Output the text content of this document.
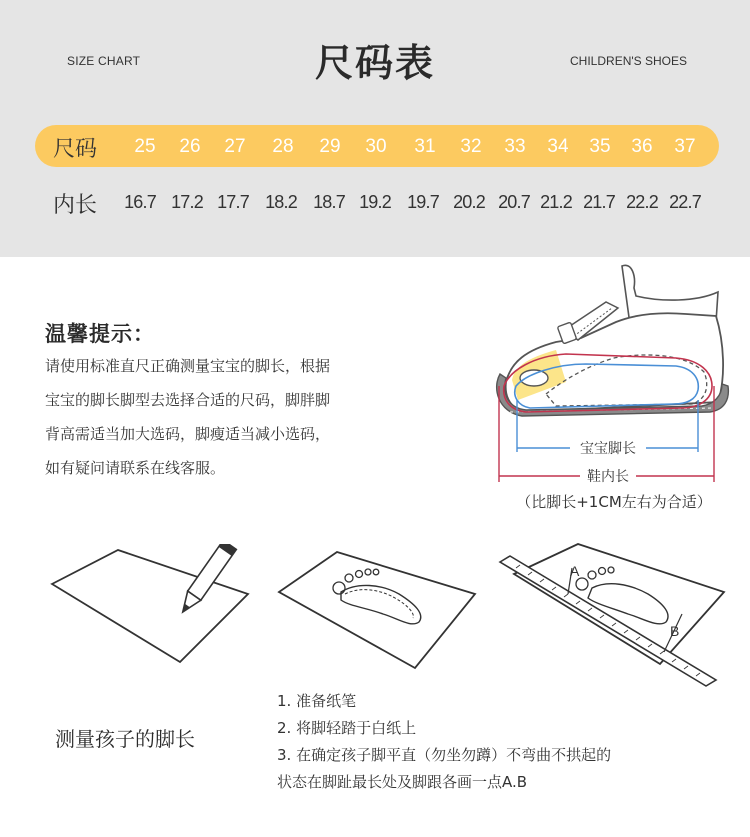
SIZE CHART	尺码表	CHILDREN'S SHOES
尺码	25	26	27	28	29	30	31	32	33	34	35	36	37
内长	16.7 17.2 17.7 18.2 18.7 19.2 19.7 20.2 20.7 21.2 21.7 22.2 22.7
温馨提示：
请使用标准直尺正确测量宝宝的脚长，根据
宝宝的脚长脚型去选择合适的尺码，脚胖脚
背高需适当加大选码，脚瘦适当减小选码，
如有疑问请联系在线客服。
宝宝脚长
鞋内长
（比脚长+1CM左右为合适）
A
B
测量孩子的脚长
1. 准备纸笔
2. 将脚轻踏于白纸上
3. 在确定孩子脚平直（勿坐勿蹲）不弯曲不拱起的
状态在脚趾最长处及脚跟各画一点A.B
